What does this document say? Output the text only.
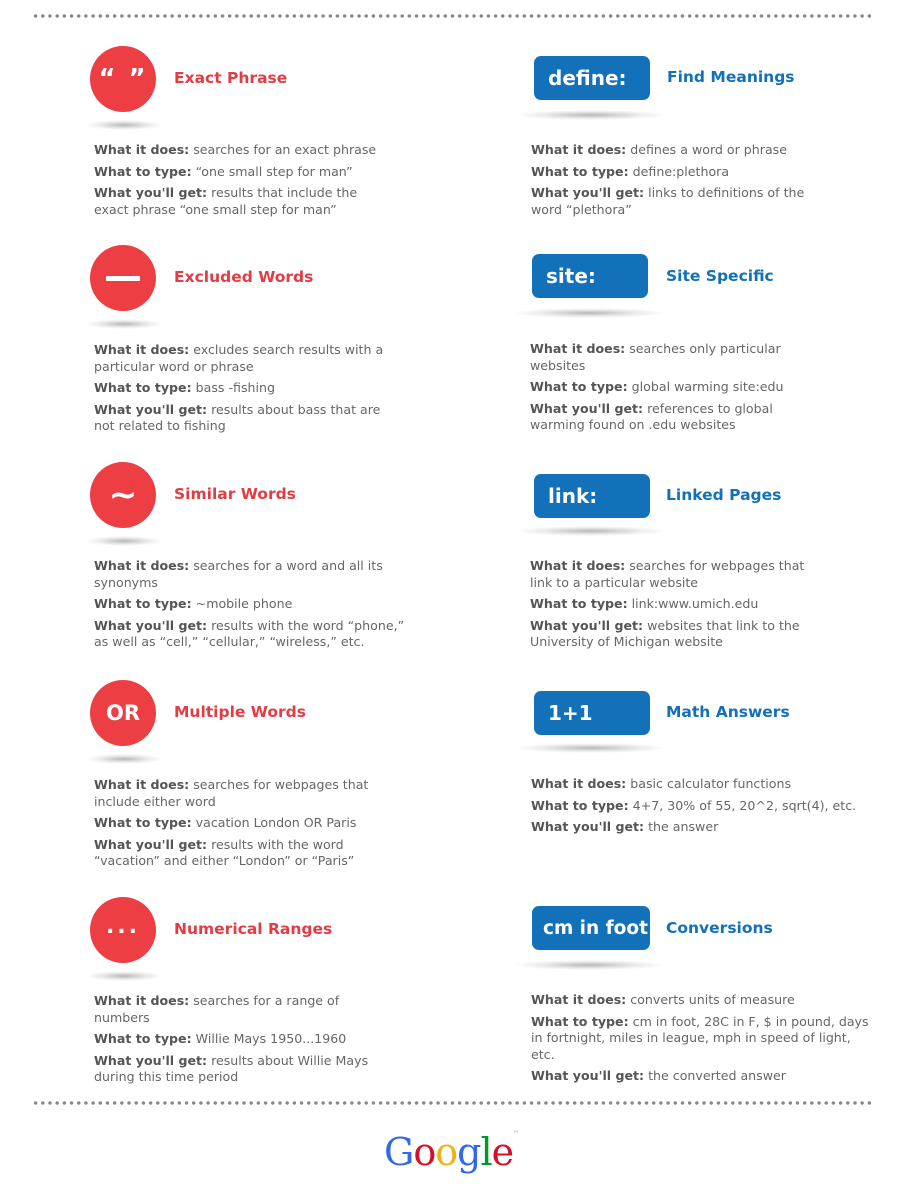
“ ”	Exact Phrase

What it does: searches for an exact phrase

What to type: “one small step for man”

What you'll get: results that include the exact phrase “one small step for man”

Excluded Words

What it does: excludes search results with a particular word or phrase

What to type: bass -fishing

What you'll get: results about bass that are not related to fishing

~	Similar Words

What it does: searches for a word and all its synonyms

What to type: ~mobile phone

What you'll get: results with the word “phone,” as well as “cell,” “cellular,” “wireless,” etc.

OR	Multiple Words

What it does: searches for webpages that include either word

What to type: vacation London OR Paris

What you'll get: results with the word “vacation” and either “London” or “Paris”

...	Numerical Ranges

What it does: searches for a range of numbers

What to type: Willie Mays 1950...1960

What you'll get: results about Willie Mays during this time period

define:	Find Meanings

What it does: defines a word or phrase

What to type: define:plethora

What you'll get: links to definitions of the word “plethora”

site:	Site Specific

What it does: searches only particular websites

What to type: global warming site:edu

What you'll get: references to global warming found on .edu websites

link:	Linked Pages

What it does: searches for webpages that link to a particular website

What to type: link:www.umich.edu

What you'll get: websites that link to the University of Michigan website

1+1	Math Answers

What it does: basic calculator functions

What to type: 4+7, 30% of 55, 20^2, sqrt(4), etc.

What you'll get: the answer

cm in foot Conversions

What it does: converts units of measure

What to type: cm in foot, 28C in F, $ in pound, days in fortnight, miles in league, mph in speed of light, etc.

What you'll get: the converted answer

Google™
